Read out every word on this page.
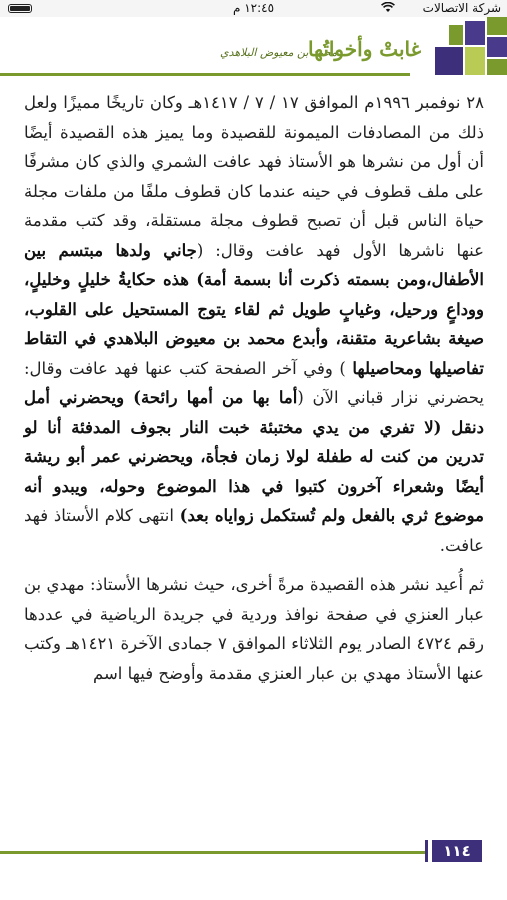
١٢:٤٥ م	شركة الاتصالات
محمد بن معيوض البلاهدي
غابتْ وأخواتُها

٢٨ نوفمبر ١٩٩٦م الموافق ١٧ / ٧ / ١٤١٧هـ وكان تاريخًا مميزًا ولعل ذلك من المصادفات الميمونة للقصيدة وما يميز هذه القصيدة أيضًا أن أول من نشرها هو الأستاذ فهد عافت الشمري والذي كان مشرفًا على ملف قطوف في حينه عندما كان قطوف ملفًا من ملفات مجلة حياة الناس قبل أن تصبح قطوف مجلة مستقلة، وقد كتب مقدمة عنها ناشرها الأول فهد عافت وقال: (جاني ولدها مبتسم بين الأطفال،ومن بسمته ذكرت أنا بسمة أمة) هذه حكايةُ خليلٍ وخليلٍ، ووداعٍ ورحيل، وغيابٍ طويل ثم لقاء يتوج المستحيل على القلوب، صيغة بشاعرية متقنة، وأبدع محمد بن معيوض البلاهدي في التقاط تفاصيلها ومحاصيلها ) وفي آخر الصفحة كتب عنها فهد عافت وقال: يحضرني نزار قباني الآن (أما بها من أمها رائحة) ويحضرني أمل دنقل (لا تفري من يدي مختبئة خبت النار بجوف المدفئة أنا لو تدرين من كنت له طفلة لولا زمان فجأة، ويحضرني عمر أبو ريشة أيضًا وشعراء آخرون كتبوا في هذا الموضوع وحوله، ويبدو أنه موضوع ثري بالفعل ولم تُستكمل زواياه بعد) انتهى كلام الأستاذ فهد عافت.

ثم أُعيد نشر هذه القصيدة مرةً أخرى، حيث نشرها الأستاذ: مهدي بن عبار العنزي في صفحة نوافذ وردية في جريدة الرياضية في عددها رقم ٤٧٢٤ الصادر يوم الثلاثاء الموافق ٧ جمادى الآخرة ١٤٢١هـ وكتب عنها الأستاذ مهدي بن عبار العنزي مقدمة وأوضح فيها اسم

١١٤
